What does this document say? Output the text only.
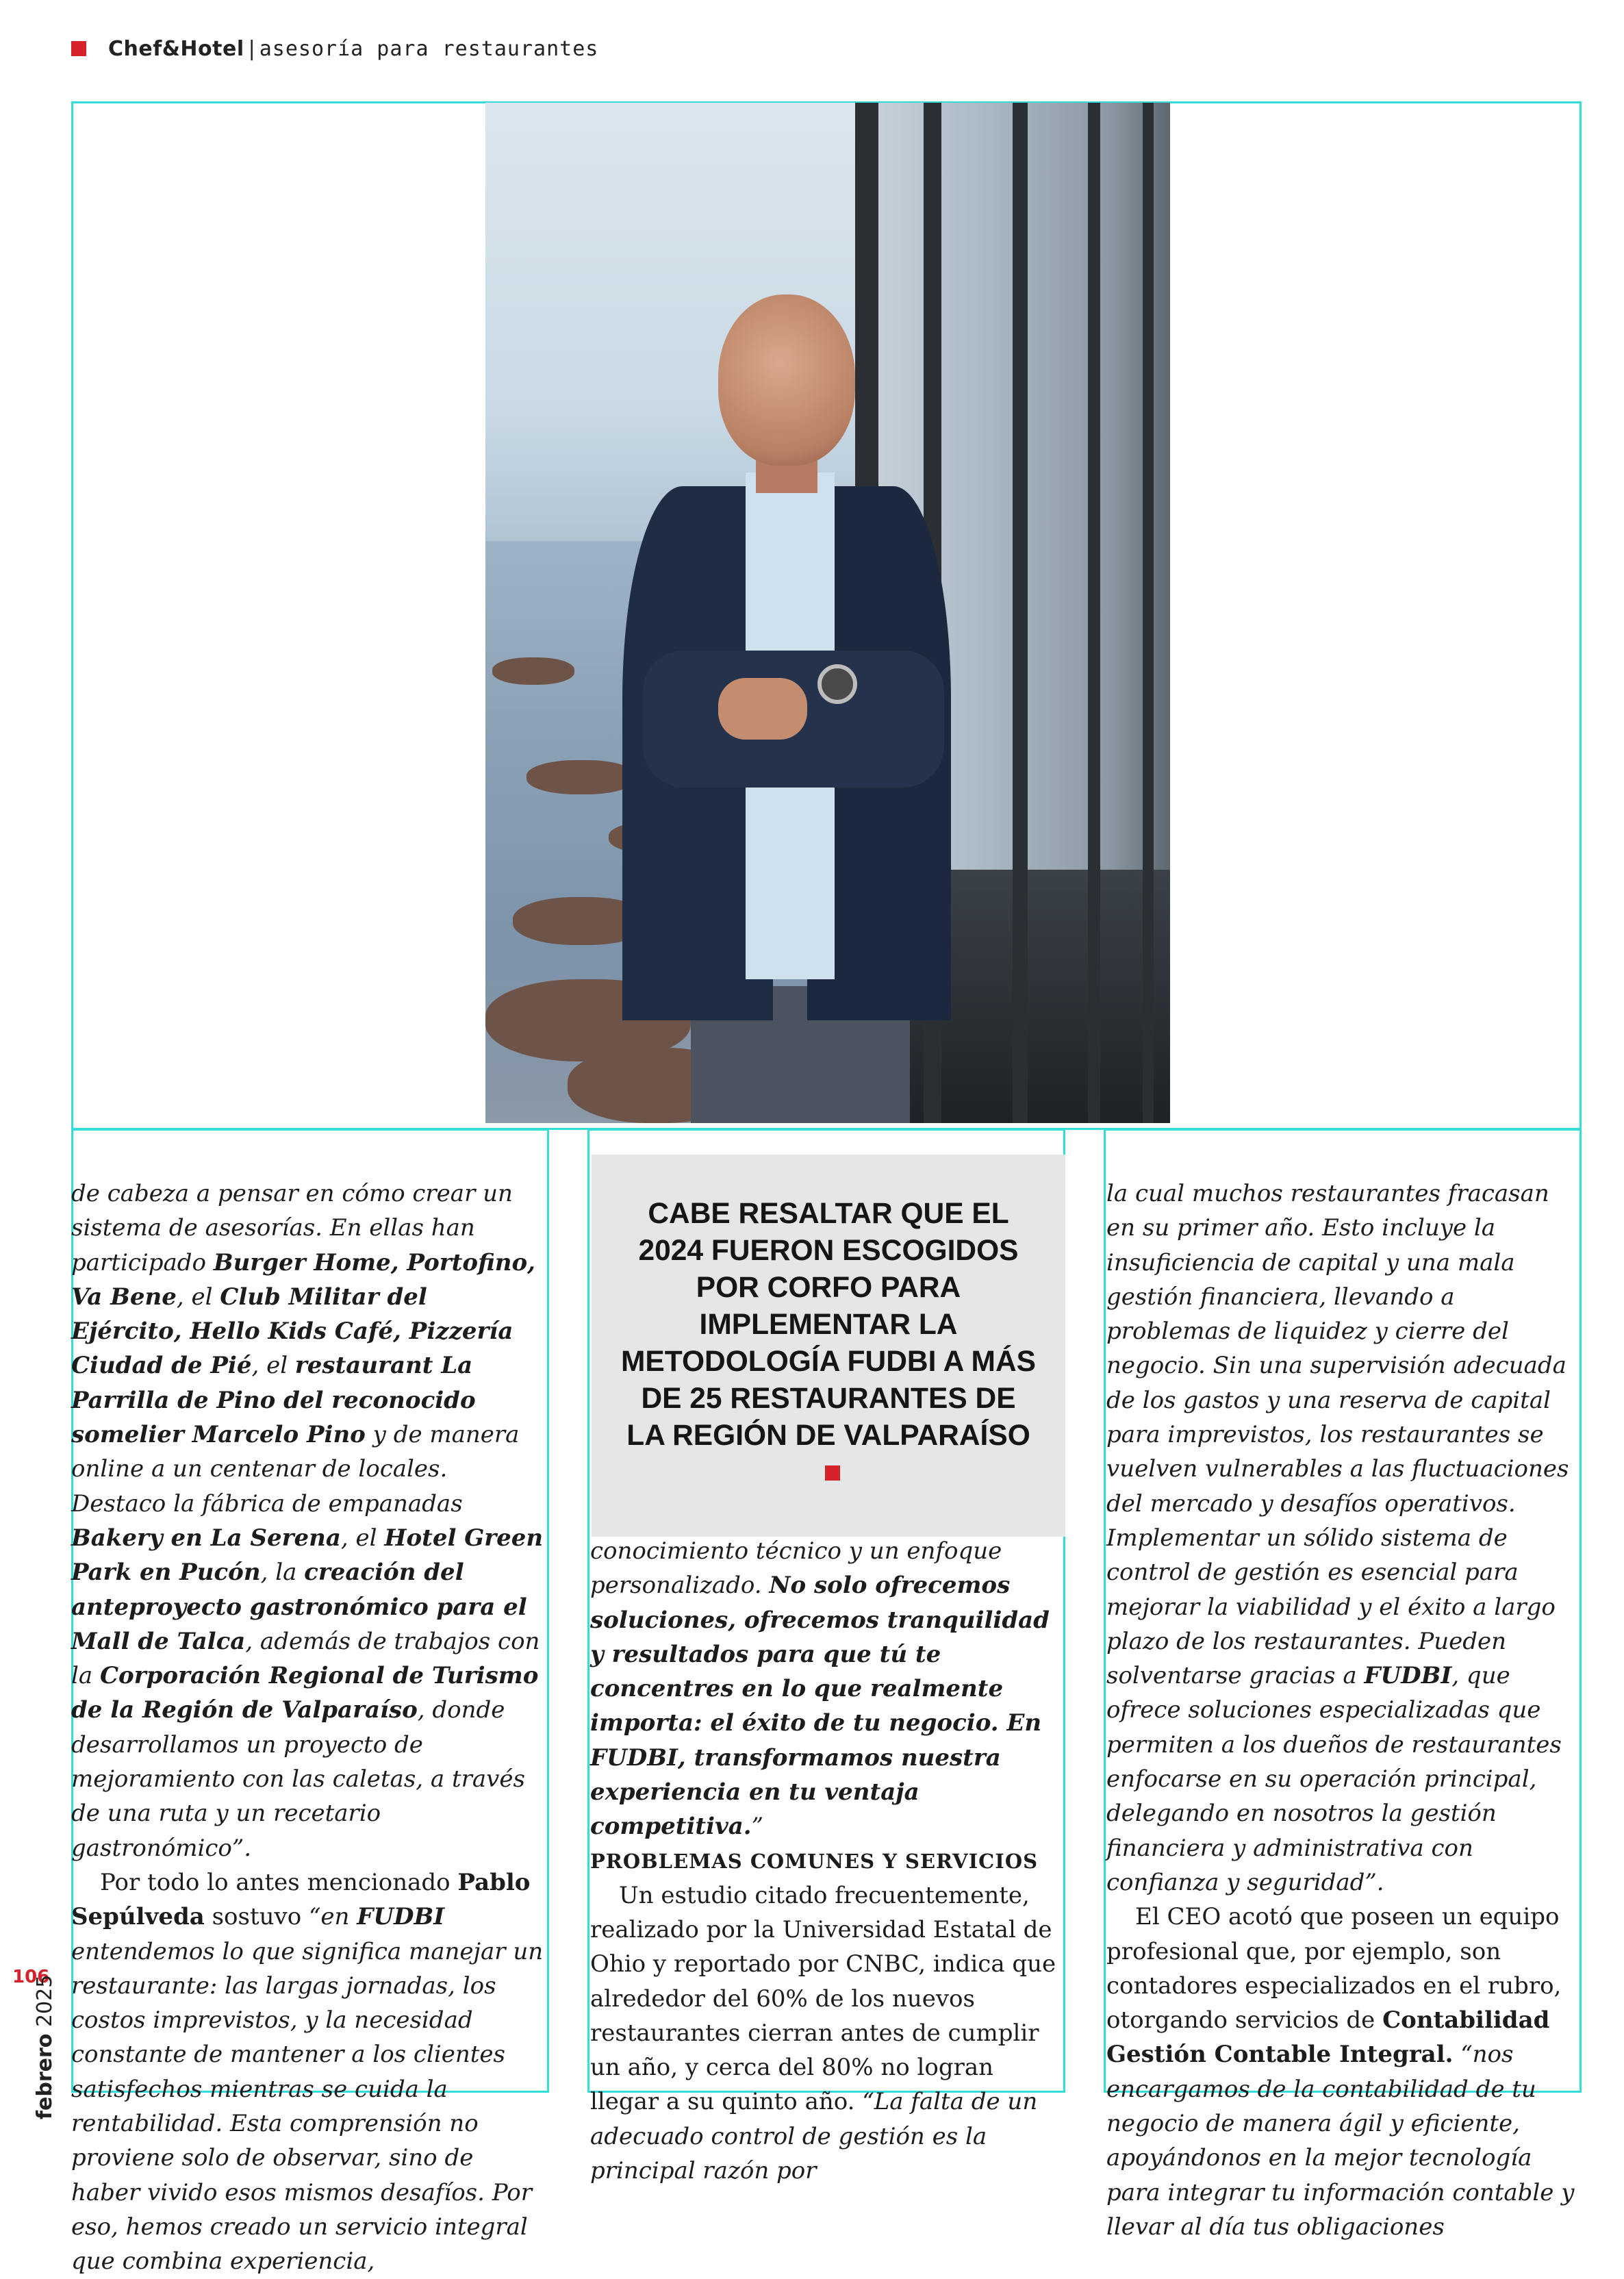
Chef&Hotel | asesoría para restaurantes

de cabeza a pensar en cómo crear un sistema de asesorías. En ellas han participado Burger Home, Portofino, Va Bene, el Club Militar del Ejército, Hello Kids Café, Pizzería Ciudad de Pié, el restaurant La Parrilla de Pino del reconocido somelier Marcelo Pino y de manera online a un centenar de locales. Destaco la fábrica de empanadas Bakery en La Serena, el Hotel Green Park en Pucón, la creación del anteproyecto gastronómico para el Mall de Talca, además de trabajos con la Corporación Regional de Turismo de la Región de Valparaíso, donde desarrollamos un proyecto de mejoramiento con las caletas, a través de una ruta y un recetario gastronómico”.

Por todo lo antes mencionado Pablo Sepúlveda sostuvo “en FUDBI entendemos lo que significa manejar un restaurante: las largas jornadas, los costos imprevistos, y la necesidad constante de mantener a los clientes satisfechos mientras se cuida la rentabilidad. Esta comprensión no proviene solo de observar, sino de haber vivido esos mismos desafíos. Por eso, hemos creado un servicio integral que combina experiencia,

CABE RESALTAR QUE EL 2024 FUERON ESCOGIDOS POR CORFO PARA IMPLEMENTAR LA METODOLOGÍA FUDBI A MÁS DE 25 RESTAURANTES DE LA REGIÓN DE VALPARAÍSO

conocimiento técnico y un enfoque personalizado. No solo ofrecemos soluciones, ofrecemos tranquilidad y resultados para que tú te concentres en lo que realmente importa: el éxito de tu negocio. En FUDBI, transformamos nuestra experiencia en tu ventaja competitiva.”

PROBLEMAS COMUNES Y SERVICIOS

Un estudio citado frecuentemente, realizado por la Universidad Estatal de Ohio y reportado por CNBC, indica que alrededor del 60% de los nuevos restaurantes cierran antes de cumplir un año, y cerca del 80% no logran llegar a su quinto año. “La falta de un adecuado control de gestión es la principal razón por

la cual muchos restaurantes fracasan en su primer año. Esto incluye la insuficiencia de capital y una mala gestión financiera, llevando a problemas de liquidez y cierre del negocio. Sin una supervisión adecuada de los gastos y una reserva de capital para imprevistos, los restaurantes se vuelven vulnerables a las fluctuaciones del mercado y desafíos operativos. Implementar un sólido sistema de control de gestión es esencial para mejorar la viabilidad y el éxito a largo plazo de los restaurantes. Pueden solventarse gracias a FUDBI, que ofrece soluciones especializadas que permiten a los dueños de restaurantes enfocarse en su operación principal, delegando en nosotros la gestión financiera y administrativa con confianza y seguridad”.

El CEO acotó que poseen un equipo profesional que, por ejemplo, son contadores especializados en el rubro, otorgando servicios de Contabilidad Gestión Contable Integral. “nos encargamos de la contabilidad de tu negocio de manera ágil y eficiente, apoyándonos en la mejor tecnología para integrar tu información contable y llevar al día tus obligaciones

106
febrero 2025
